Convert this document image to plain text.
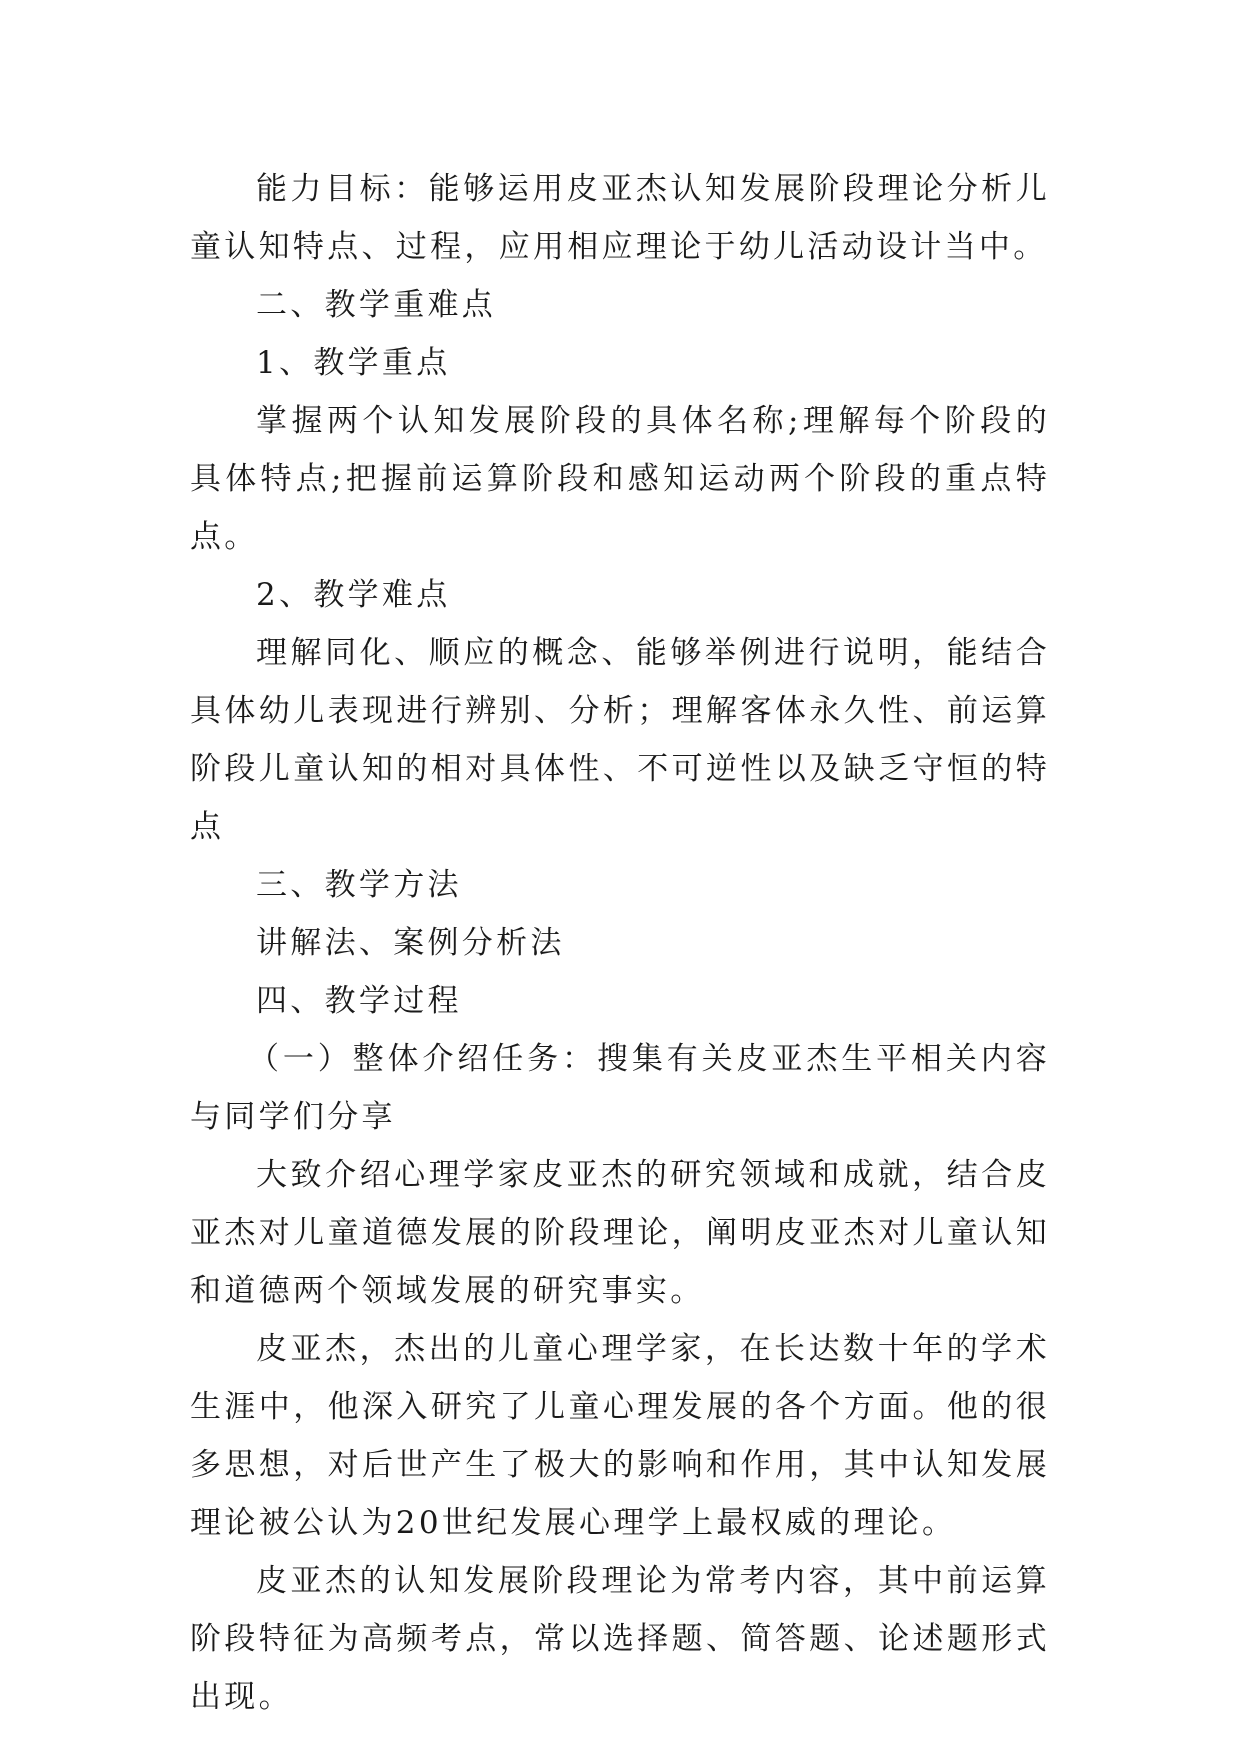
能力目标：能够运用皮亚杰认知发展阶段理论分析儿童认知特点、过程，应用相应理论于幼儿活动设计当中。

二、教学重难点

1、教学重点

掌握两个认知发展阶段的具体名称;理解每个阶段的具体特点;把握前运算阶段和感知运动两个阶段的重点特点。

2、教学难点

理解同化、顺应的概念、能够举例进行说明，能结合具体幼儿表现进行辨别、分析；理解客体永久性、前运算阶段儿童认知的相对具体性、不可逆性以及缺乏守恒的特点

三、教学方法

讲解法、案例分析法

四、教学过程

（一）整体介绍任务：搜集有关皮亚杰生平相关内容与同学们分享

大致介绍心理学家皮亚杰的研究领域和成就，结合皮亚杰对儿童道德发展的阶段理论，阐明皮亚杰对儿童认知和道德两个领域发展的研究事实。

皮亚杰，杰出的儿童心理学家，在长达数十年的学术生涯中，他深入研究了儿童心理发展的各个方面。他的很多思想，对后世产生了极大的影响和作用，其中认知发展理论被公认为20世纪发展心理学上最权威的理论。

皮亚杰的认知发展阶段理论为常考内容，其中前运算阶段特征为高频考点，常以选择题、简答题、论述题形式出现。
